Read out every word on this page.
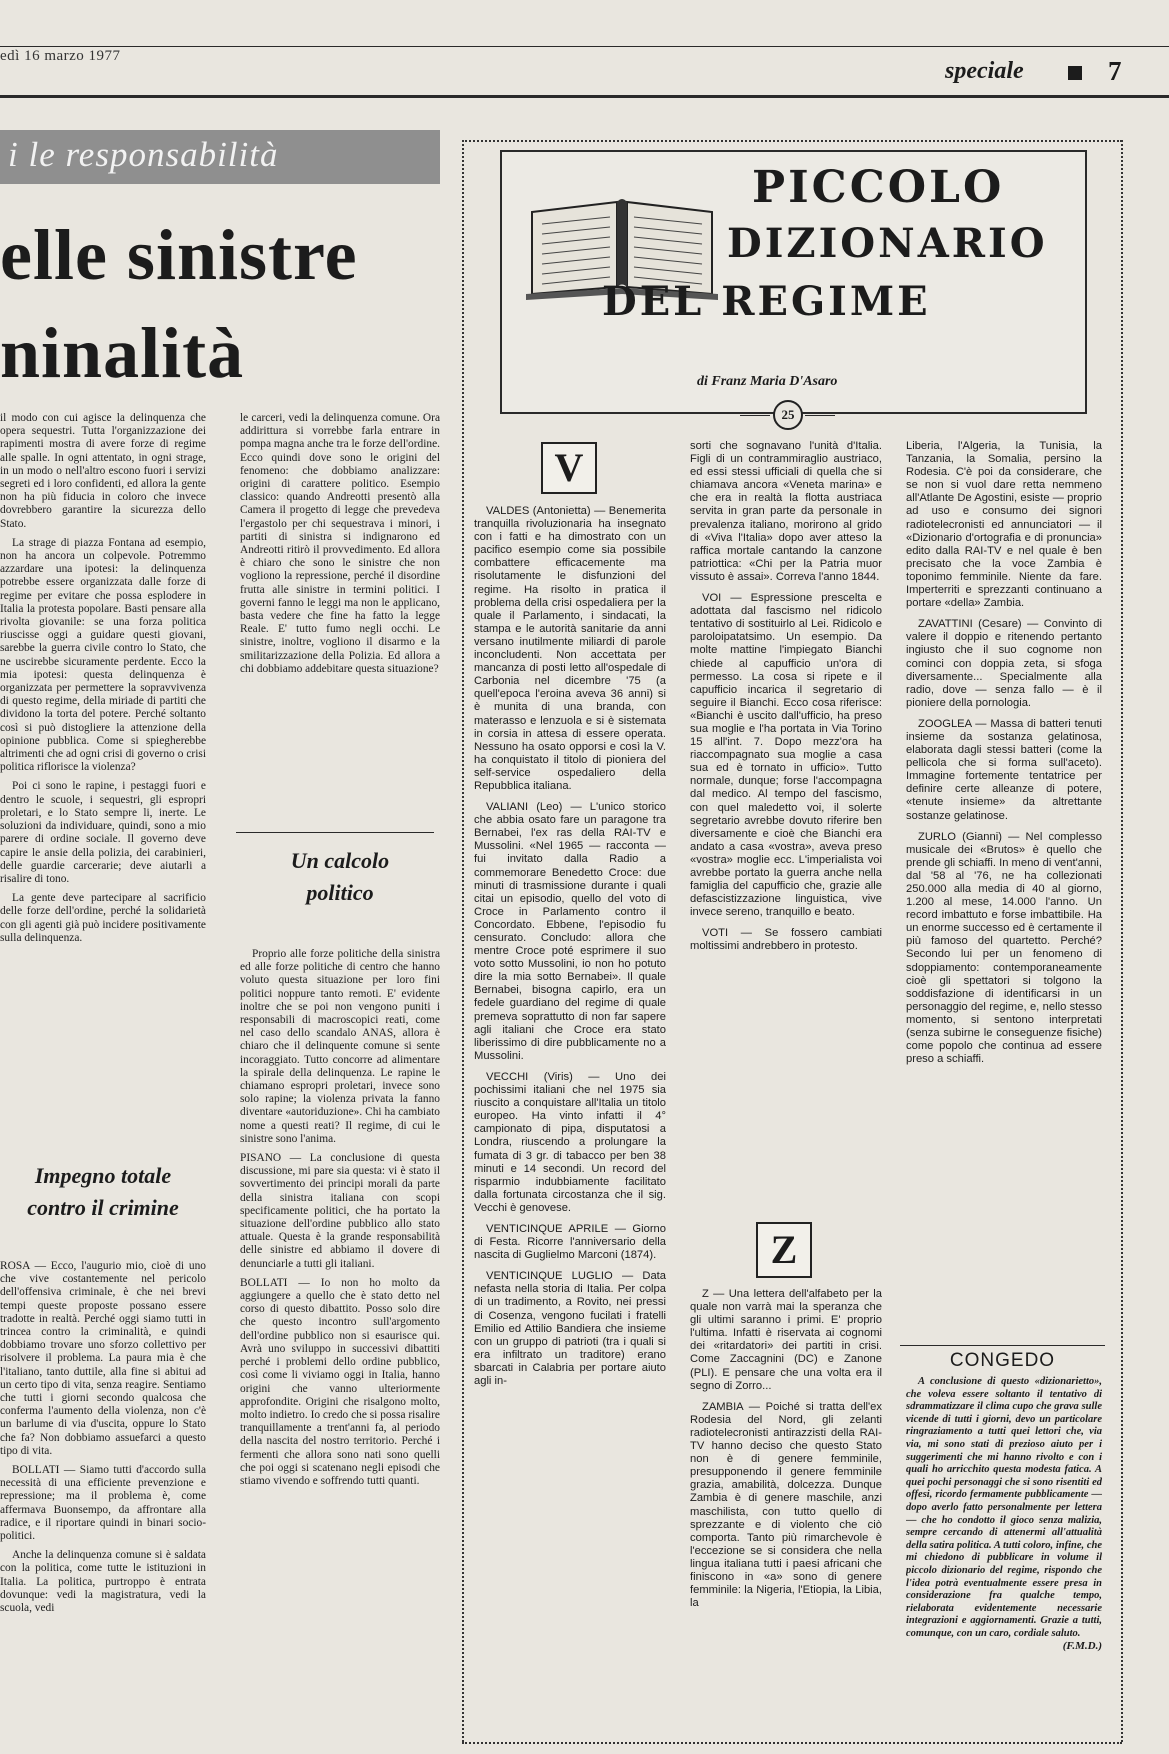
edì 16 marzo 1977
speciale	7
i le responsabilità
elle sinistre
ninalità

il modo con cui agisce la delinquenza che opera sequestri. Tutta l'organizzazione dei rapimenti mostra di avere forze di regime alle spalle. In ogni attentato, in ogni strage, in un modo o nell'altro escono fuori i servizi segreti ed i loro confidenti, ed allora la gente non ha più fiducia in coloro che invece dovrebbero garantire la sicurezza dello Stato.

La strage di piazza Fontana ad esempio, non ha ancora un colpevole. Potremmo azzardare una ipotesi: la delinquenza potrebbe essere organizzata dalle forze di regime per evitare che possa esplodere in Italia la protesta popolare. Basti pensare alla rivolta giovanile: se una forza politica riuscisse oggi a guidare questi giovani, sarebbe la guerra civile contro lo Stato, che ne uscirebbe sicuramente perdente. Ecco la mia ipotesi: questa delinquenza è organizzata per permettere la sopravvivenza di questo regime, della miriade di partiti che dividono la torta del potere. Perché soltanto così si può distogliere la attenzione della opinione pubblica. Come si spiegherebbe altrimenti che ad ogni crisi di governo o crisi politica riflorisce la violenza?

Poi ci sono le rapine, i pestaggi fuori e dentro le scuole, i sequestri, gli espropri proletari, e lo Stato sempre li, inerte. Le soluzioni da individuare, quindi, sono a mio parere di ordine sociale. Il governo deve capire le ansie della polizia, dei carabinieri, delle guardie carcerarie; deve aiutarli a risalire di tono.

La gente deve partecipare al sacrificio delle forze dell'ordine, perché la solidarietà con gli agenti già può incidere positivamente sulla delinquenza.

Impegno totale
contro il crimine

ROSA — Ecco, l'augurio mio, cioè di uno che vive costantemente nel pericolo dell'offensiva criminale, è che nei brevi tempi queste proposte possano essere tradotte in realtà. Perché oggi siamo tutti in trincea contro la criminalità, e quindi dobbiamo trovare uno sforzo collettivo per risolvere il problema. La paura mia è che l'italiano, tanto duttile, alla fine si abitui ad un certo tipo di vita, senza reagire. Sentiamo che tutti i giorni secondo qualcosa che conferma l'aumento della violenza, non c'è un barlume di via d'uscita, oppure lo Stato che fa? Non dobbiamo assuefarci a questo tipo di vita.

BOLLATI — Siamo tutti d'accordo sulla necessità di una efficiente prevenzione e repressione; ma il problema è, come affermava Buonsempo, da affrontare alla radice, e il riportare quindi in binari socio-politici.

Anche la delinquenza comune si è saldata con la politica, come tutte le istituzioni in Italia. La politica, purtroppo è entrata dovunque: vedi la magistratura, vedi la scuola, vedi

le carceri, vedi la delinquenza comune. Ora addirittura si vorrebbe farla entrare in pompa magna anche tra le forze dell'ordine. Ecco quindi dove sono le origini del fenomeno: che dobbiamo analizzare: origini di carattere politico. Esempio classico: quando Andreotti presentò alla Camera il progetto di legge che prevedeva l'ergastolo per chi sequestrava i minori, i partiti di sinistra si indignarono ed Andreotti ritirò il provvedimento. Ed allora è chiaro che sono le sinistre che non vogliono la repressione, perché il disordine frutta alle sinistre in termini politici. I governi fanno le leggi ma non le applicano, basta vedere che fine ha fatto la legge Reale. E' tutto fumo negli occhi. Le sinistre, inoltre, vogliono il disarmo e la smilitarizzazione della Polizia. Ed allora a chi dobbiamo addebitare questa situazione?

Un calcolo
politico

Proprio alle forze politiche della sinistra ed alle forze politiche di centro che hanno voluto questa situazione per loro fini politici noppure tanto remoti. E' evidente inoltre che se poi non vengono puniti i responsabili di macroscopici reati, come nel caso dello scandalo ANAS, allora è chiaro che il delinquente comune si sente incoraggiato. Tutto concorre ad alimentare la spirale della delinquenza. Le rapine le chiamano espropri proletari, invece sono solo rapine; la violenza privata la fanno diventare «autoriduzione». Chi ha cambiato nome a questi reati? Il regime, di cui le sinistre sono l'anima.

PISANO — La conclusione di questa discussione, mi pare sia questa: vi è stato il sovvertimento dei principi morali da parte della sinistra italiana con scopi specificamente politici, che ha portato la situazione dell'ordine pubblico allo stato attuale. Questa è la grande responsabilità delle sinistre ed abbiamo il dovere di denunciarle a tutti gli italiani.

BOLLATI — Io non ho molto da aggiungere a quello che è stato detto nel corso di questo dibattito. Posso solo dire che questo incontro sull'argomento dell'ordine pubblico non si esaurisce qui. Avrà uno sviluppo in successivi dibattiti perché i problemi dello ordine pubblico, così come li viviamo oggi in Italia, hanno origini che vanno ulteriormente approfondite. Origini che risalgono molto, molto indietro. Io credo che si possa risalire tranquillamente a trent'anni fa, al periodo della nascita del nostro territorio. Perché i fermenti che allora sono nati sono quelli che poi oggi si scatenano negli episodi che stiamo vivendo e soffrendo tutti quanti.

PICCOLO
DIZIONARIO
DEL REGIME
di Franz Maria D'Asaro
25
V

VALDES (Antonietta) — Benemerita tranquilla rivoluzionaria ha insegnato con i fatti e ha dimostrato con un pacifico esempio come sia possibile combattere efficacemente ma risolutamente le disfunzioni del regime. Ha risolto in pratica il problema della crisi ospedaliera per la quale il Parlamento, i sindacati, la stampa e le autorità sanitarie da anni versano inutilmente miliardi di parole inconcludenti. Non accettata per mancanza di posti letto all'ospedale di Carbonia nel dicembre '75 (a quell'epoca l'eroina aveva 36 anni) si è munita di una branda, con materasso e lenzuola e si è sistemata in corsia in attesa di essere operata. Nessuno ha osato opporsi e così la V. ha conquistato il titolo di pioniera del self-service ospedaliero della Repubblica italiana.

VALIANI (Leo) — L'unico storico che abbia osato fare un paragone tra Bernabei, l'ex ras della RAI-TV e Mussolini. «Nel 1965 — racconta — fui invitato dalla Radio a commemorare Benedetto Croce: due minuti di trasmissione durante i quali citai un episodio, quello del voto di Croce in Parlamento contro il Concordato. Ebbene, l'episodio fu censurato. Concludo: allora che mentre Croce poté esprimere il suo voto sotto Mussolini, io non ho potuto dire la mia sotto Bernabei». Il quale Bernabei, bisogna capirlo, era un fedele guardiano del regime di quale premeva soprattutto di non far sapere agli italiani che Croce era stato liberissimo di dire pubblicamente no a Mussolini.

VECCHI (Viris) — Uno dei pochissimi italiani che nel 1975 sia riuscito a conquistare all'Italia un titolo europeo. Ha vinto infatti il 4° campionato di pipa, disputatosi a Londra, riuscendo a prolungare la fumata di 3 gr. di tabacco per ben 38 minuti e 14 secondi. Un record del risparmio indubbiamente facilitato dalla fortunata circostanza che il sig. Vecchi è genovese.

VENTICINQUE APRILE — Giorno di Festa. Ricorre l'anniversario della nascita di Guglielmo Marconi (1874).

VENTICINQUE LUGLIO — Data nefasta nella storia di Italia. Per colpa di un tradimento, a Rovito, nei pressi di Cosenza, vengono fucilati i fratelli Emilio ed Attilio Bandiera che insieme con un gruppo di patrioti (tra i quali si era infiltrato un traditore) erano sbarcati in Calabria per portare aiuto agli in-

sorti che sognavano l'unità d'Italia. Figli di un contrammiraglio austriaco, ed essi stessi ufficiali di quella che si chiamava ancora «Veneta marina» e che era in realtà la flotta austriaca servita in gran parte da personale in prevalenza italiano, morirono al grido di «Viva l'Italia» dopo aver atteso la raffica mortale cantando la canzone patriottica: «Chi per la Patria muor vissuto è assai». Correva l'anno 1844.

VOI — Espressione prescelta e adottata dal fascismo nel ridicolo tentativo di sostituirlo al Lei. Ridicolo e paroloipatatsimo. Un esempio. Da molte mattine l'impiegato Bianchi chiede al capufficio un'ora di permesso. La cosa si ripete e il capufficio incarica il segretario di seguire il Bianchi. Ecco cosa riferisce: «Bianchi è uscito dall'ufficio, ha preso sua moglie e l'ha portata in Via Torino 15 all'int. 7. Dopo mezz'ora ha riaccompagnato sua moglie a casa sua ed è tornato in ufficio». Tutto normale, dunque; forse l'accompagna dal medico. Al tempo del fascismo, con quel maledetto voi, il solerte segretario avrebbe dovuto riferire ben diversamente e cioè che Bianchi era andato a casa «vostra», aveva preso «vostra» moglie ecc. L'imperialista voi avrebbe portato la guerra anche nella famiglia del capufficio che, grazie alle defascistizzazione linguistica, vive invece sereno, tranquillo e beato.

VOTI — Se fossero cambiati moltissimi andrebbero in protesto.

Z

Z — Una lettera dell'alfabeto per la quale non varrà mai la speranza che gli ultimi saranno i primi. E' proprio l'ultima. Infatti è riservata ai cognomi dei «ritardatori» dei partiti in crisi. Come Zaccagnini (DC) e Zanone (PLI). E pensare che una volta era il segno di Zorro...

ZAMBIA — Poiché si tratta dell'ex Rodesia del Nord, gli zelanti radiotelecronisti antirazzisti della RAI-TV hanno deciso che questo Stato non è di genere femminile, presupponendo il genere femminile grazia, amabilità, dolcezza. Dunque Zambia è di genere maschile, anzi maschilista, con tutto quello di sprezzante e di violento che ciò comporta. Tanto più rimarchevole è l'eccezione se si considera che nella lingua italiana tutti i paesi africani che finiscono in «a» sono di genere femminile: la Nigeria, l'Etiopia, la Libia, la

Liberia, l'Algeria, la Tunisia, la Tanzania, la Somalia, persino la Rodesia. C'è poi da considerare, che se non si vuol dare retta nemmeno all'Atlante De Agostini, esiste — proprio ad uso e consumo dei signori radiotelecronisti ed annunciatori — il «Dizionario d'ortografia e di pronuncia» edito dalla RAI-TV e nel quale è ben precisato che la voce Zambia è toponimo femminile. Niente da fare. Imperterriti e sprezzanti continuano a portare «della» Zambia.

ZAVATTINI (Cesare) — Convinto di valere il doppio e ritenendo pertanto ingiusto che il suo cognome non cominci con doppia zeta, si sfoga diversamente... Specialmente alla radio, dove — senza fallo — è il pioniere della pornologia.

ZOOGLEA — Massa di batteri tenuti insieme da sostanza gelatinosa, elaborata dagli stessi batteri (come la pellicola che si forma sull'aceto). Immagine fortemente tentatrice per definire certe alleanze di potere, «tenute insieme» da altrettante sostanze gelatinose.

ZURLO (Gianni) — Nel complesso musicale dei «Brutos» è quello che prende gli schiaffi. In meno di vent'anni, dal '58 al '76, ne ha collezionati 250.000 alla media di 40 al giorno, 1.200 al mese, 14.000 l'anno. Un record imbattuto e forse imbattibile. Ha un enorme successo ed è certamente il più famoso del quartetto. Perché? Secondo lui per un fenomeno di sdoppiamento: contemporaneamente cioè gli spettatori si tolgono la soddisfazione di identificarsi in un personaggio del regime, e, nello stesso momento, si sentono interpretati (senza subirne le conseguenze fisiche) come popolo che continua ad essere preso a schiaffi.

CONGEDO
A conclusione di questo «dizionarietto», che voleva essere soltanto il tentativo di sdrammatizzare il clima cupo che grava sulle vicende di tutti i giorni, devo un particolare ringraziamento a tutti quei lettori che, via via, mi sono stati di prezioso aiuto per i suggerimenti che mi hanno rivolto e con i quali ho arricchito questa modesta fatica. A quei pochi personaggi che si sono risentiti ed offesi, ricordo fermamente pubblicamente — dopo averlo fatto personalmente per lettera — che ho condotto il gioco senza malizia, sempre cercando di attenermi all'attualità della satira politica. A tutti coloro, infine, che mi chiedono di pubblicare in volume il piccolo dizionario del regime, rispondo che l'idea potrà eventualmente essere presa in considerazione fra qualche tempo, rielaborata evidentemente necessarie integrazioni e aggiornamenti. Grazie a tutti, comunque, con un caro, cordiale saluto.
(F.M.D.)
